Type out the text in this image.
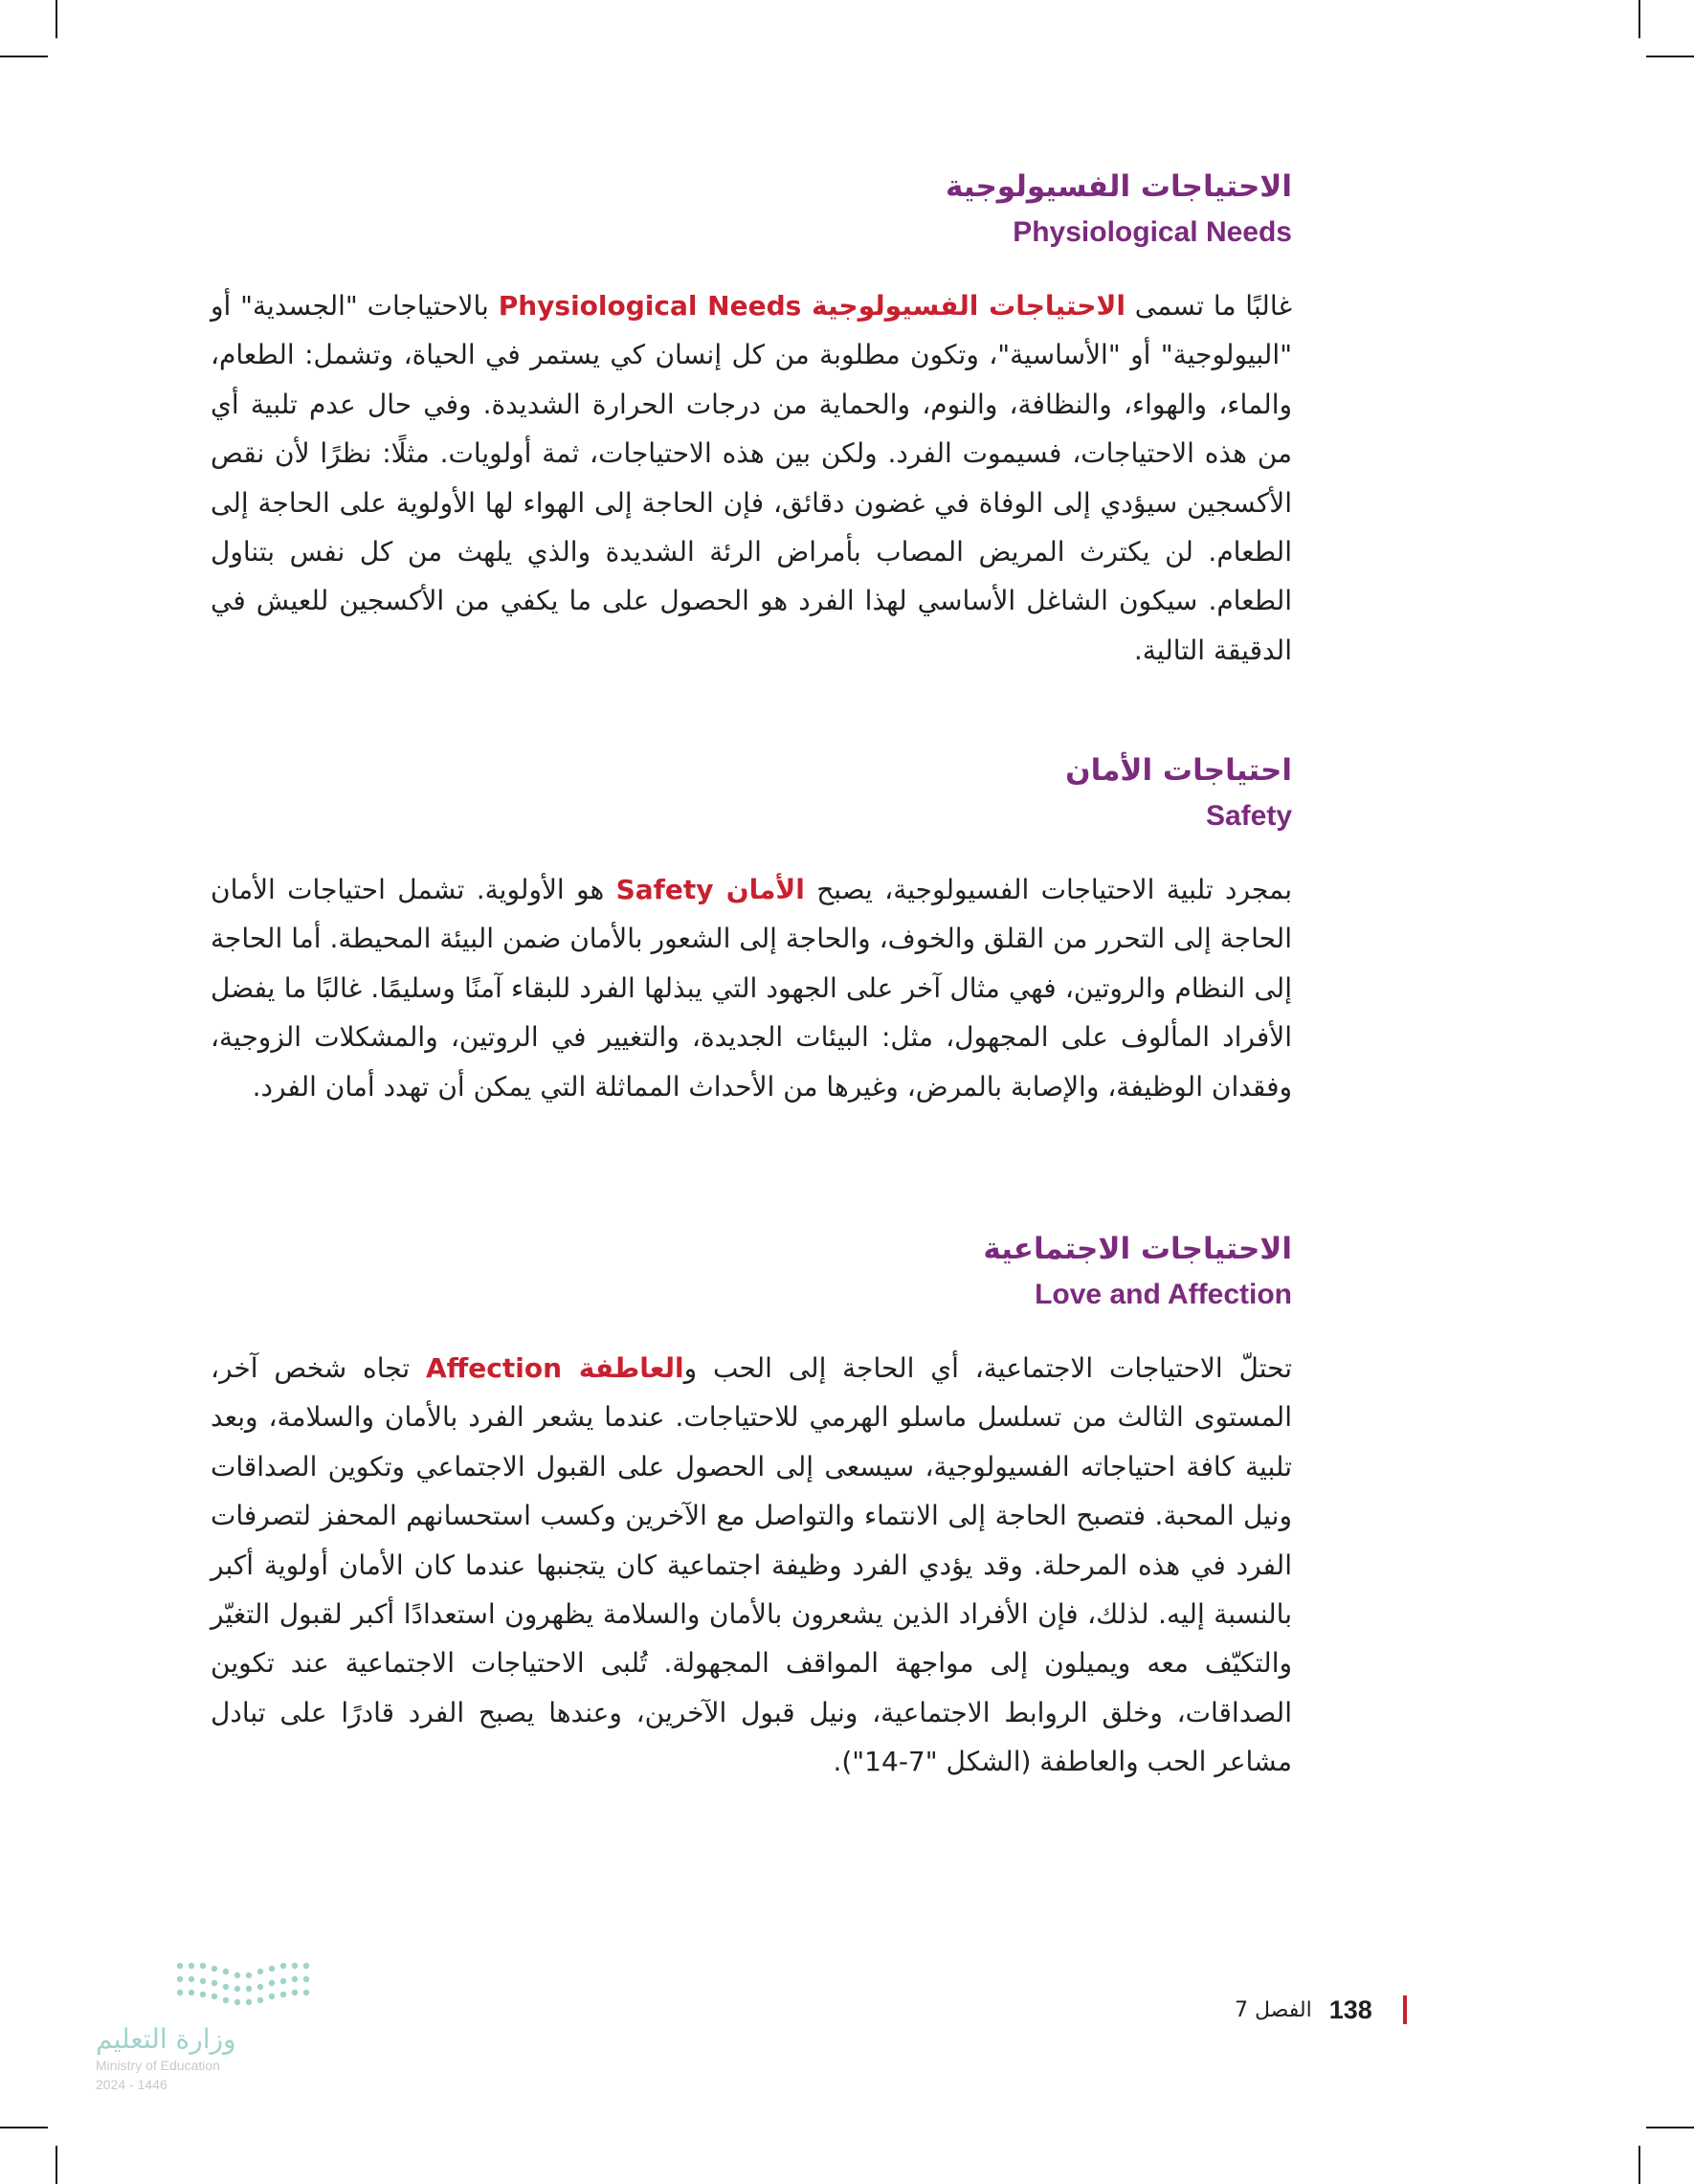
الاحتياجات الفسيولوجية
Physiological Needs

غالبًا ما تسمى الاحتياجات الفسيولوجية Physiological Needs بالاحتياجات "الجسدية" أو "البيولوجية" أو "الأساسية"، وتكون مطلوبة من كل إنسان كي يستمر في الحياة، وتشمل: الطعام، والماء، والهواء، والنظافة، والنوم، والحماية من درجات الحرارة الشديدة. وفي حال عدم تلبية أي من هذه الاحتياجات، فسيموت الفرد. ولكن بين هذه الاحتياجات، ثمة أولويات. مثلًا: نظرًا لأن نقص الأكسجين سيؤدي إلى الوفاة في غضون دقائق، فإن الحاجة إلى الهواء لها الأولوية على الحاجة إلى الطعام. لن يكترث المريض المصاب بأمراض الرئة الشديدة والذي يلهث من كل نفس بتناول الطعام. سيكون الشاغل الأساسي لهذا الفرد هو الحصول على ما يكفي من الأكسجين للعيش في الدقيقة التالية.

احتياجات الأمان
Safety

بمجرد تلبية الاحتياجات الفسيولوجية، يصبح الأمان Safety هو الأولوية. تشمل احتياجات الأمان الحاجة إلى التحرر من القلق والخوف، والحاجة إلى الشعور بالأمان ضمن البيئة المحيطة. أما الحاجة إلى النظام والروتين، فهي مثال آخر على الجهود التي يبذلها الفرد للبقاء آمنًا وسليمًا. غالبًا ما يفضل الأفراد المألوف على المجهول، مثل: البيئات الجديدة، والتغيير في الروتين، والمشكلات الزوجية، وفقدان الوظيفة، والإصابة بالمرض، وغيرها من الأحداث المماثلة التي يمكن أن تهدد أمان الفرد.

الاحتياجات الاجتماعية
Love and Affection

تحتلّ الاحتياجات الاجتماعية، أي الحاجة إلى الحب والعاطفة Affection تجاه شخص آخر، المستوى الثالث من تسلسل ماسلو الهرمي للاحتياجات. عندما يشعر الفرد بالأمان والسلامة، وبعد تلبية كافة احتياجاته الفسيولوجية، سيسعى إلى الحصول على القبول الاجتماعي وتكوين الصداقات ونيل المحبة. فتصبح الحاجة إلى الانتماء والتواصل مع الآخرين وكسب استحسانهم المحفز لتصرفات الفرد في هذه المرحلة. وقد يؤدي الفرد وظيفة اجتماعية كان يتجنبها عندما كان الأمان أولوية أكبر بالنسبة إليه. لذلك، فإن الأفراد الذين يشعرون بالأمان والسلامة يظهرون استعدادًا أكبر لقبول التغيّر والتكيّف معه ويميلون إلى مواجهة المواقف المجهولة. تُلبى الاحتياجات الاجتماعية عند تكوين الصداقات، وخلق الروابط الاجتماعية، ونيل قبول الآخرين، وعندها يصبح الفرد قادرًا على تبادل مشاعر الحب والعاطفة (الشكل "7-14").

وزارة التعليم
Ministry of Education
2024 - 1446
الفصل 7 138
